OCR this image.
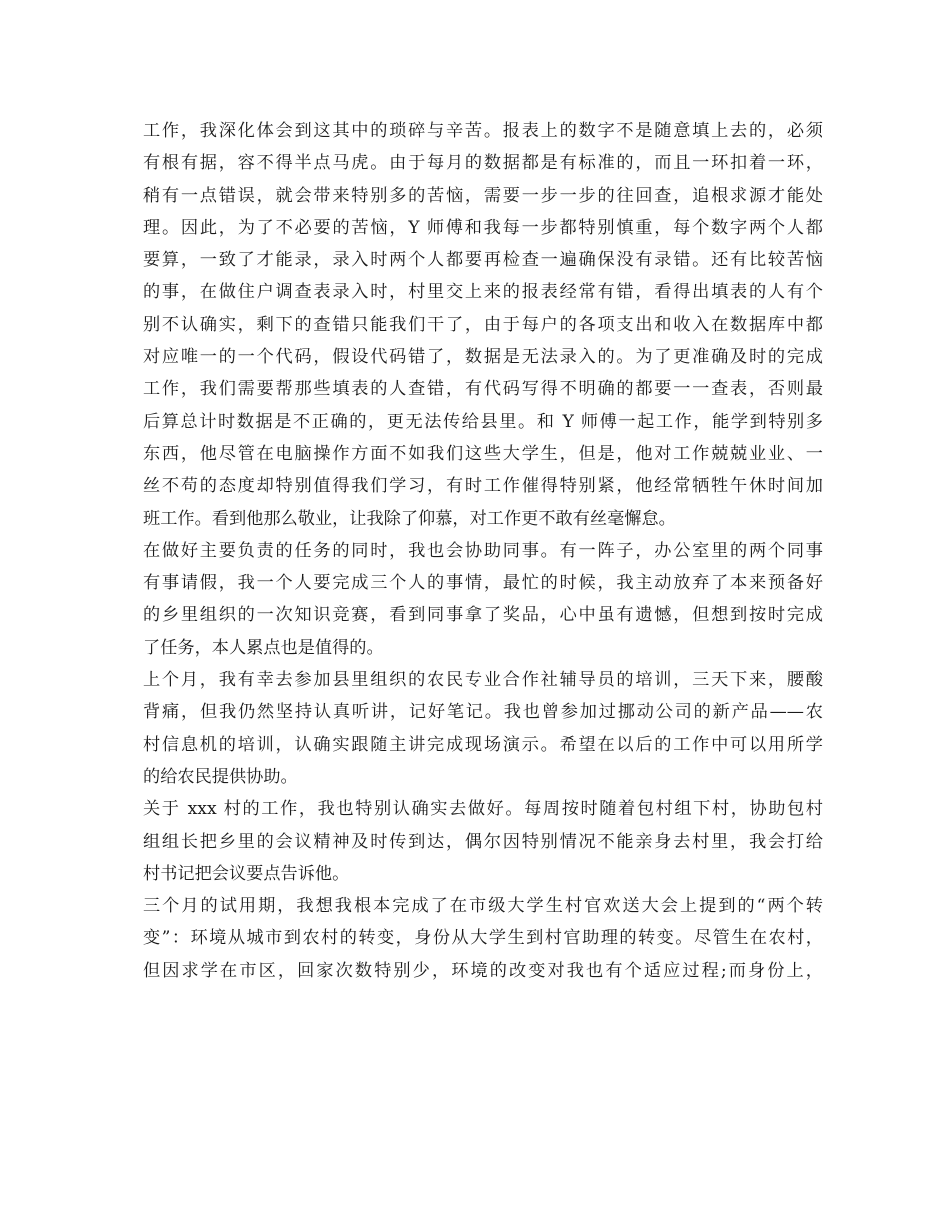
工作，我深化体会到这其中的琐碎与辛苦。报表上的数字不是随意填上去的，必须
有根有据，容不得半点马虎。由于每月的数据都是有标准的，而且一环扣着一环，
稍有一点错误，就会带来特别多的苦恼，需要一步一步的往回查，追根求源才能处
理。因此，为了不必要的苦恼，Y 师傅和我每一步都特别慎重，每个数字两个人都
要算，一致了才能录，录入时两个人都要再检查一遍确保没有录错。还有比较苦恼
的事，在做住户调查表录入时，村里交上来的报表经常有错，看得出填表的人有个
别不认确实，剩下的查错只能我们干了，由于每户的各项支出和收入在数据库中都
对应唯一的一个代码，假设代码错了，数据是无法录入的。为了更准确及时的完成
工作，我们需要帮那些填表的人查错，有代码写得不明确的都要一一查表，否则最
后算总计时数据是不正确的，更无法传给县里。和 Y 师傅一起工作，能学到特别多
东西，他尽管在电脑操作方面不如我们这些大学生，但是，他对工作兢兢业业、一
丝不苟的态度却特别值得我们学习，有时工作催得特别紧，他经常牺牲午休时间加
班工作。看到他那么敬业，让我除了仰慕，对工作更不敢有丝毫懈怠。
在做好主要负责的任务的同时，我也会协助同事。有一阵子，办公室里的两个同事
有事请假，我一个人要完成三个人的事情，最忙的时候，我主动放弃了本来预备好
的乡里组织的一次知识竞赛，看到同事拿了奖品，心中虽有遗憾，但想到按时完成
了任务，本人累点也是值得的。
上个月，我有幸去参加县里组织的农民专业合作社辅导员的培训，三天下来，腰酸
背痛，但我仍然坚持认真听讲，记好笔记。我也曾参加过挪动公司的新产品——农
村信息机的培训，认确实跟随主讲完成现场演示。希望在以后的工作中可以用所学
的给农民提供协助。
关于 xxx 村的工作，我也特别认确实去做好。每周按时随着包村组下村，协助包村
组组长把乡里的会议精神及时传到达，偶尔因特别情况不能亲身去村里，我会打给
村书记把会议要点告诉他。
三个月的试用期，我想我根本完成了在市级大学生村官欢送大会上提到的“两个转
变”：环境从城市到农村的转变，身份从大学生到村官助理的转变。尽管生在农村，
但因求学在市区，回家次数特别少，环境的改变对我也有个适应过程;而身份上，
